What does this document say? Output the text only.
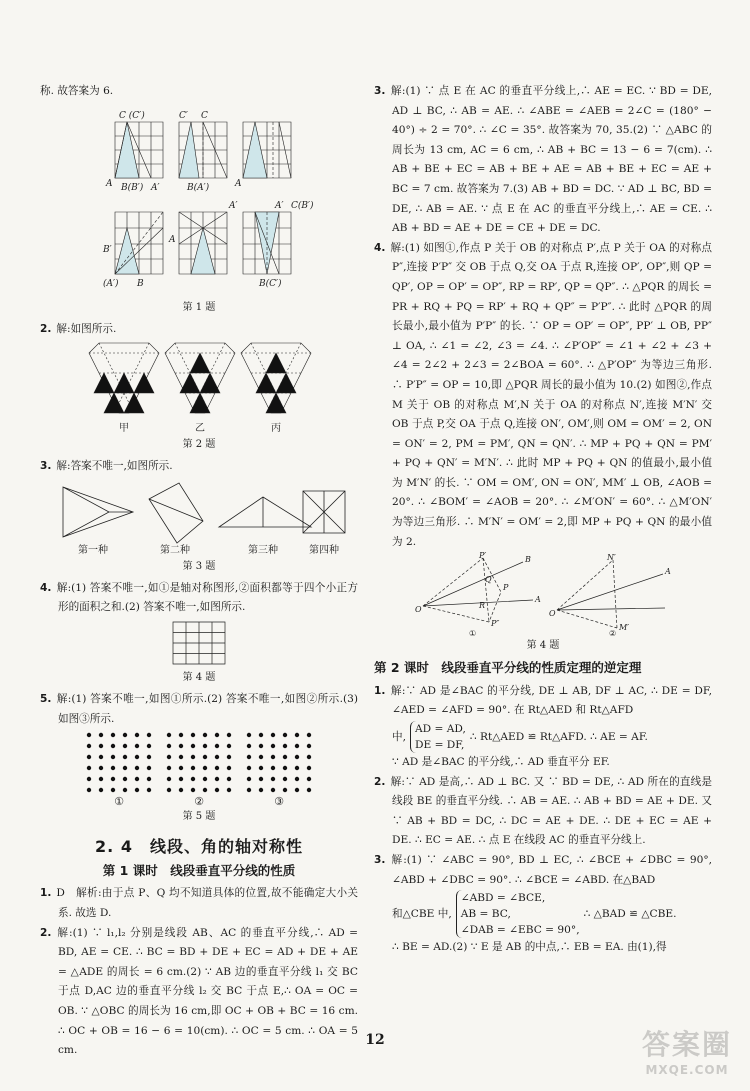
称. 故答案为 6.

C (C′)	C′ C
A B(B′) A′	B(A′)	A
A′
A′	C(B′)
B′
(A′) B
A
B(C′)
第 1 题

2. 解:如图所示.

甲	乙	丙
第 2 题

3. 解:答案不唯一,如图所示.

第一种	第二种	第三种	第四种
第 3 题

4. 解:(1) 答案不唯一,如①是轴对称图形,②面积都等于四个小正方形的面积之和.(2) 答案不唯一,如图所示.

第 4 题

5. 解:(1) 答案不唯一,如图①所示.(2) 答案不唯一,如图②所示.(3) 如图③所示.

①	②	③
第 5 题
2. 4　线段、角的轴对称性
第 1 课时　线段垂直平分线的性质

1. D　解析:由于点 P、Q 均不知道具体的位置,故不能确定大小关系. 故选 D.

2. 解:(1) ∵ l₁,l₂ 分别是线段 AB、AC 的垂直平分线,∴ AD = BD, AE = CE. ∴ BC = BD + DE + EC = AD + DE + AE = △ADE 的周长 = 6 cm.(2) ∵ AB 边的垂直平分线 l₁ 交 BC 于点 D,AC 边的垂直平分线 l₂ 交 BC 于点 E,∴ OA = OC = OB. ∵ △OBC 的周长为 16 cm,即 OC + OB + BC = 16 cm. ∴ OC + OB = 16 − 6 = 10(cm). ∴ OC = 5 cm. ∴ OA = 5 cm.

3. 解:(1) ∵ 点 E 在 AC 的垂直平分线上,∴ AE = EC. ∵ BD = DE, AD ⊥ BC, ∴ AB = AE. ∴ ∠ABE = ∠AEB = 2∠C = (180° − 40°) ÷ 2 = 70°. ∴ ∠C = 35°. 故答案为 70, 35.(2) ∵ △ABC 的周长为 13 cm, AC = 6 cm, ∴ AB + BC = 13 − 6 = 7(cm). ∴ AB + BE + EC = AB + BE + AE = AB + BE + EC = AE + BC = 7 cm. 故答案为 7.(3) AB + BD = DC. ∵ AD ⊥ BC, BD = DE, ∴ AB = AE. ∵ 点 E 在 AC 的垂直平分线上,∴ AE = CE. ∴ AB + BD = AE + DE = CE + DE = DC.

4. 解:(1) 如图①,作点 P 关于 OB 的对称点 P′,点 P 关于 OA 的对称点 P″,连接 P′P″ 交 OB 于点 Q,交 OA 于点 R,连接 OP′, OP″,则 QP = QP′, OP = OP′ = OP″, RP = RP′, QP = QP″. ∴ △PQR 的周长 = PR + RQ + PQ = RP′ + RQ + QP″ = P′P″. ∴ 此时 △PQR 的周长最小,最小值为 P′P″ 的长. ∵ OP = OP′ = OP″, PP′ ⊥ OB, PP″ ⊥ OA, ∴ ∠1 = ∠2, ∠3 = ∠4. ∴ ∠P′OP″ = ∠1 + ∠2 + ∠3 + ∠4 = 2∠2 + 2∠3 = 2∠BOA = 60°. ∴ △P′OP″ 为等边三角形. ∴ P′P″ = OP = 10,即 △PQR 周长的最小值为 10.(2) 如图②,作点 M 关于 OB 的对称点 M′,N 关于 OA 的对称点 N′,连接 M′N′ 交 OB 于点 P,交 OA 于点 Q,连接 ON′, OM′,则 OM = OM′ = 2, ON = ON′ = 2, PM = PM′, QN = QN′. ∴ MP + PQ + QN = PM′ + PQ + QN′ = M′N′. ∴ 此时 MP + PQ + QN 的值最小,最小值为 M′N′ 的长. ∵ OM = OM′, ON = ON′, MM′ ⊥ OB, ∠AOB = 20°. ∴ ∠BOM′ = ∠AOB = 20°. ∴ ∠M′ON′ = 60°. ∴ △M′ON′ 为等边三角形. ∴ M′N′ = OM′ = 2,即 MP + PQ + QN 的最小值为 2.

P′	B
P
Q
A
O
P″
R
N′
A
O
M′
①	②
第 4 题
第 2 课时　线段垂直平分线的性质定理的逆定理

1. 解:∵ AD 是∠BAC 的平分线, DE ⊥ AB, DF ⊥ AC, ∴ DE = DF, ∠AED = ∠AFD = 90°. 在 Rt△AED 和 Rt△AFD

中,AD = AD,
DE = DF,∴ Rt△AED ≌ Rt△AFD. ∴ AE = AF.

∵ AD 是∠BAC 的平分线,∴ AD 垂直平分 EF.

2. 解:∵ AD 是高,∴ AD ⊥ BC. 又 ∵ BD = DE, ∴ AD 所在的直线是线段 BE 的垂直平分线. ∴ AB = AE. ∴ AB + BD = AE + DE. 又 ∵ AB + BD = DC, ∴ DC = AE + DE. ∴ DE + EC = AE + DE. ∴ EC = AE. ∴ 点 E 在线段 AC 的垂直平分线上.

3. 解:(1) ∵ ∠ABC = 90°, BD ⊥ EC, ∴ ∠BCE + ∠DBC = 90°, ∠ABD + ∠DBC = 90°. ∴ ∠BCE = ∠ABD. 在△BAD

和△CBE 中,∠ABD = ∠BCE,
AB = BC,
∠DAB = ∠EBC = 90°,∴ △BAD ≌ △CBE.

∴ BE = AD.(2) ∵ E 是 AB 的中点,∴ EB = EA. 由(1),得

12	答案圈
MXQE.COM
